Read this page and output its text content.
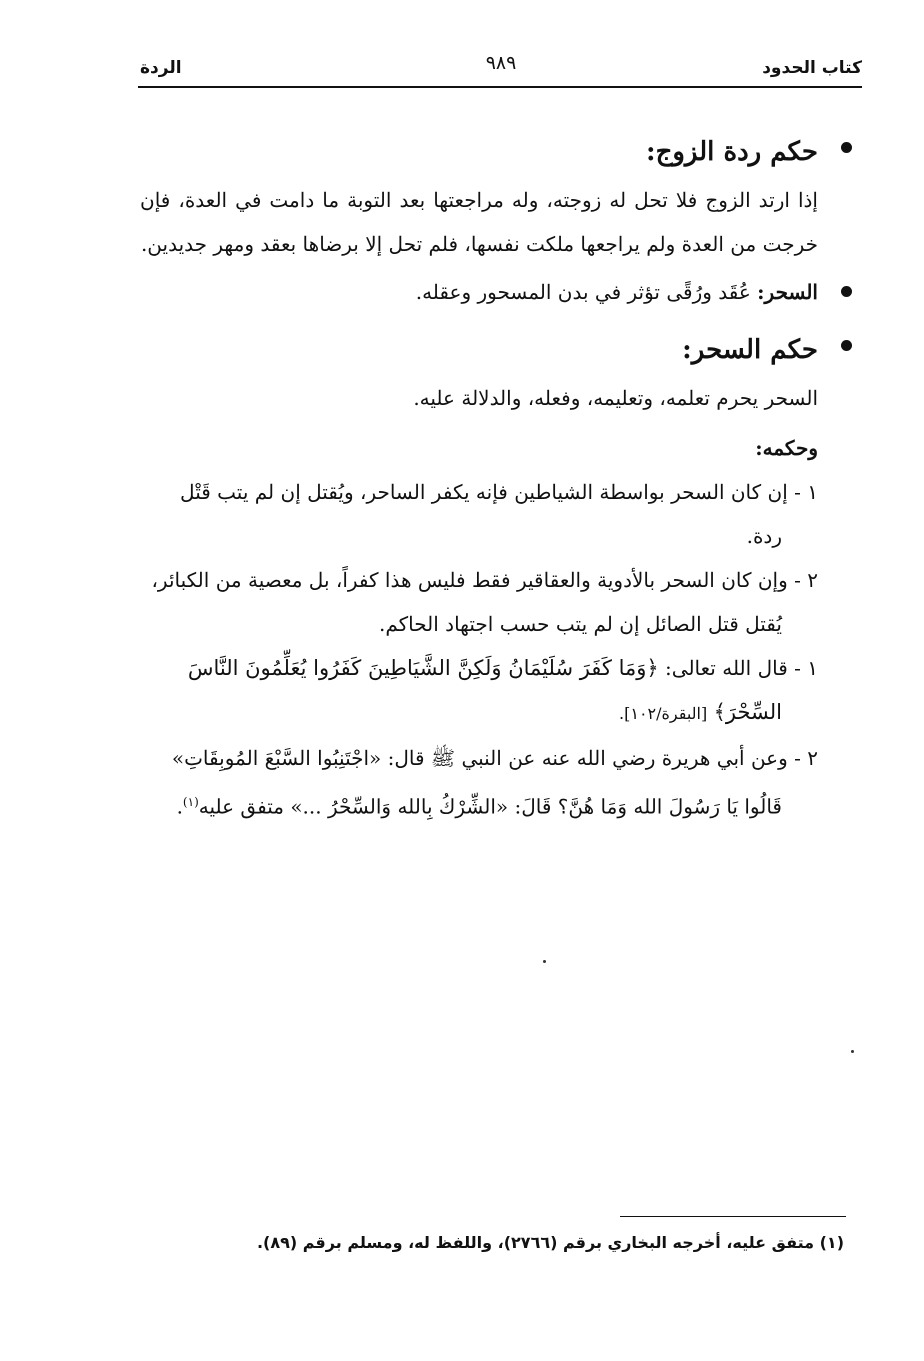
كتاب الحدود
٩٨٩
الردة
حكم ردة الزوج:

إذا ارتد الزوج فلا تحل له زوجته، وله مراجعتها بعد التوبة ما دامت في العدة، فإن خرجت من العدة ولم يراجعها ملكت نفسها، فلم تحل إلا برضاها بعقد ومهر جديدين.

السحر: عُقَد ورُقًى تؤثر في بدن المسحور وعقله.
حكم السحر:

السحر يحرم تعلمه، وتعليمه، وفعله، والدلالة عليه.

وحكمه:

١ - إن كان السحر بواسطة الشياطين فإنه يكفر الساحر، ويُقتل إن لم يتب قَتْل ردة.

٢ - وإن كان السحر بالأدوية والعقاقير فقط فليس هذا كفراً، بل معصية من الكبائر، يُقتل قتل الصائل إن لم يتب حسب اجتهاد الحاكم.

١ - قال الله تعالى: ﴿وَمَا كَفَرَ سُلَيْمَانُ وَلَكِنَّ الشَّيَاطِينَ كَفَرُوا يُعَلِّمُونَ النَّاسَ السِّحْرَ﴾ [البقرة/١٠٢].

٢ - وعن أبي هريرة رضي الله عنه عن النبي ﷺ قال: «اجْتَنِبُوا السَّبْعَ المُوبِقَاتِ» قَالُوا يَا رَسُولَ الله وَمَا هُنَّ؟ قَالَ: «الشِّرْكُ بِالله وَالسِّحْرُ ...» متفق عليه$^{(١)}$.

(١) متفق عليه، أخرجه البخاري برقم (٢٧٦٦)، واللفظ له، ومسلم برقم (٨٩).
